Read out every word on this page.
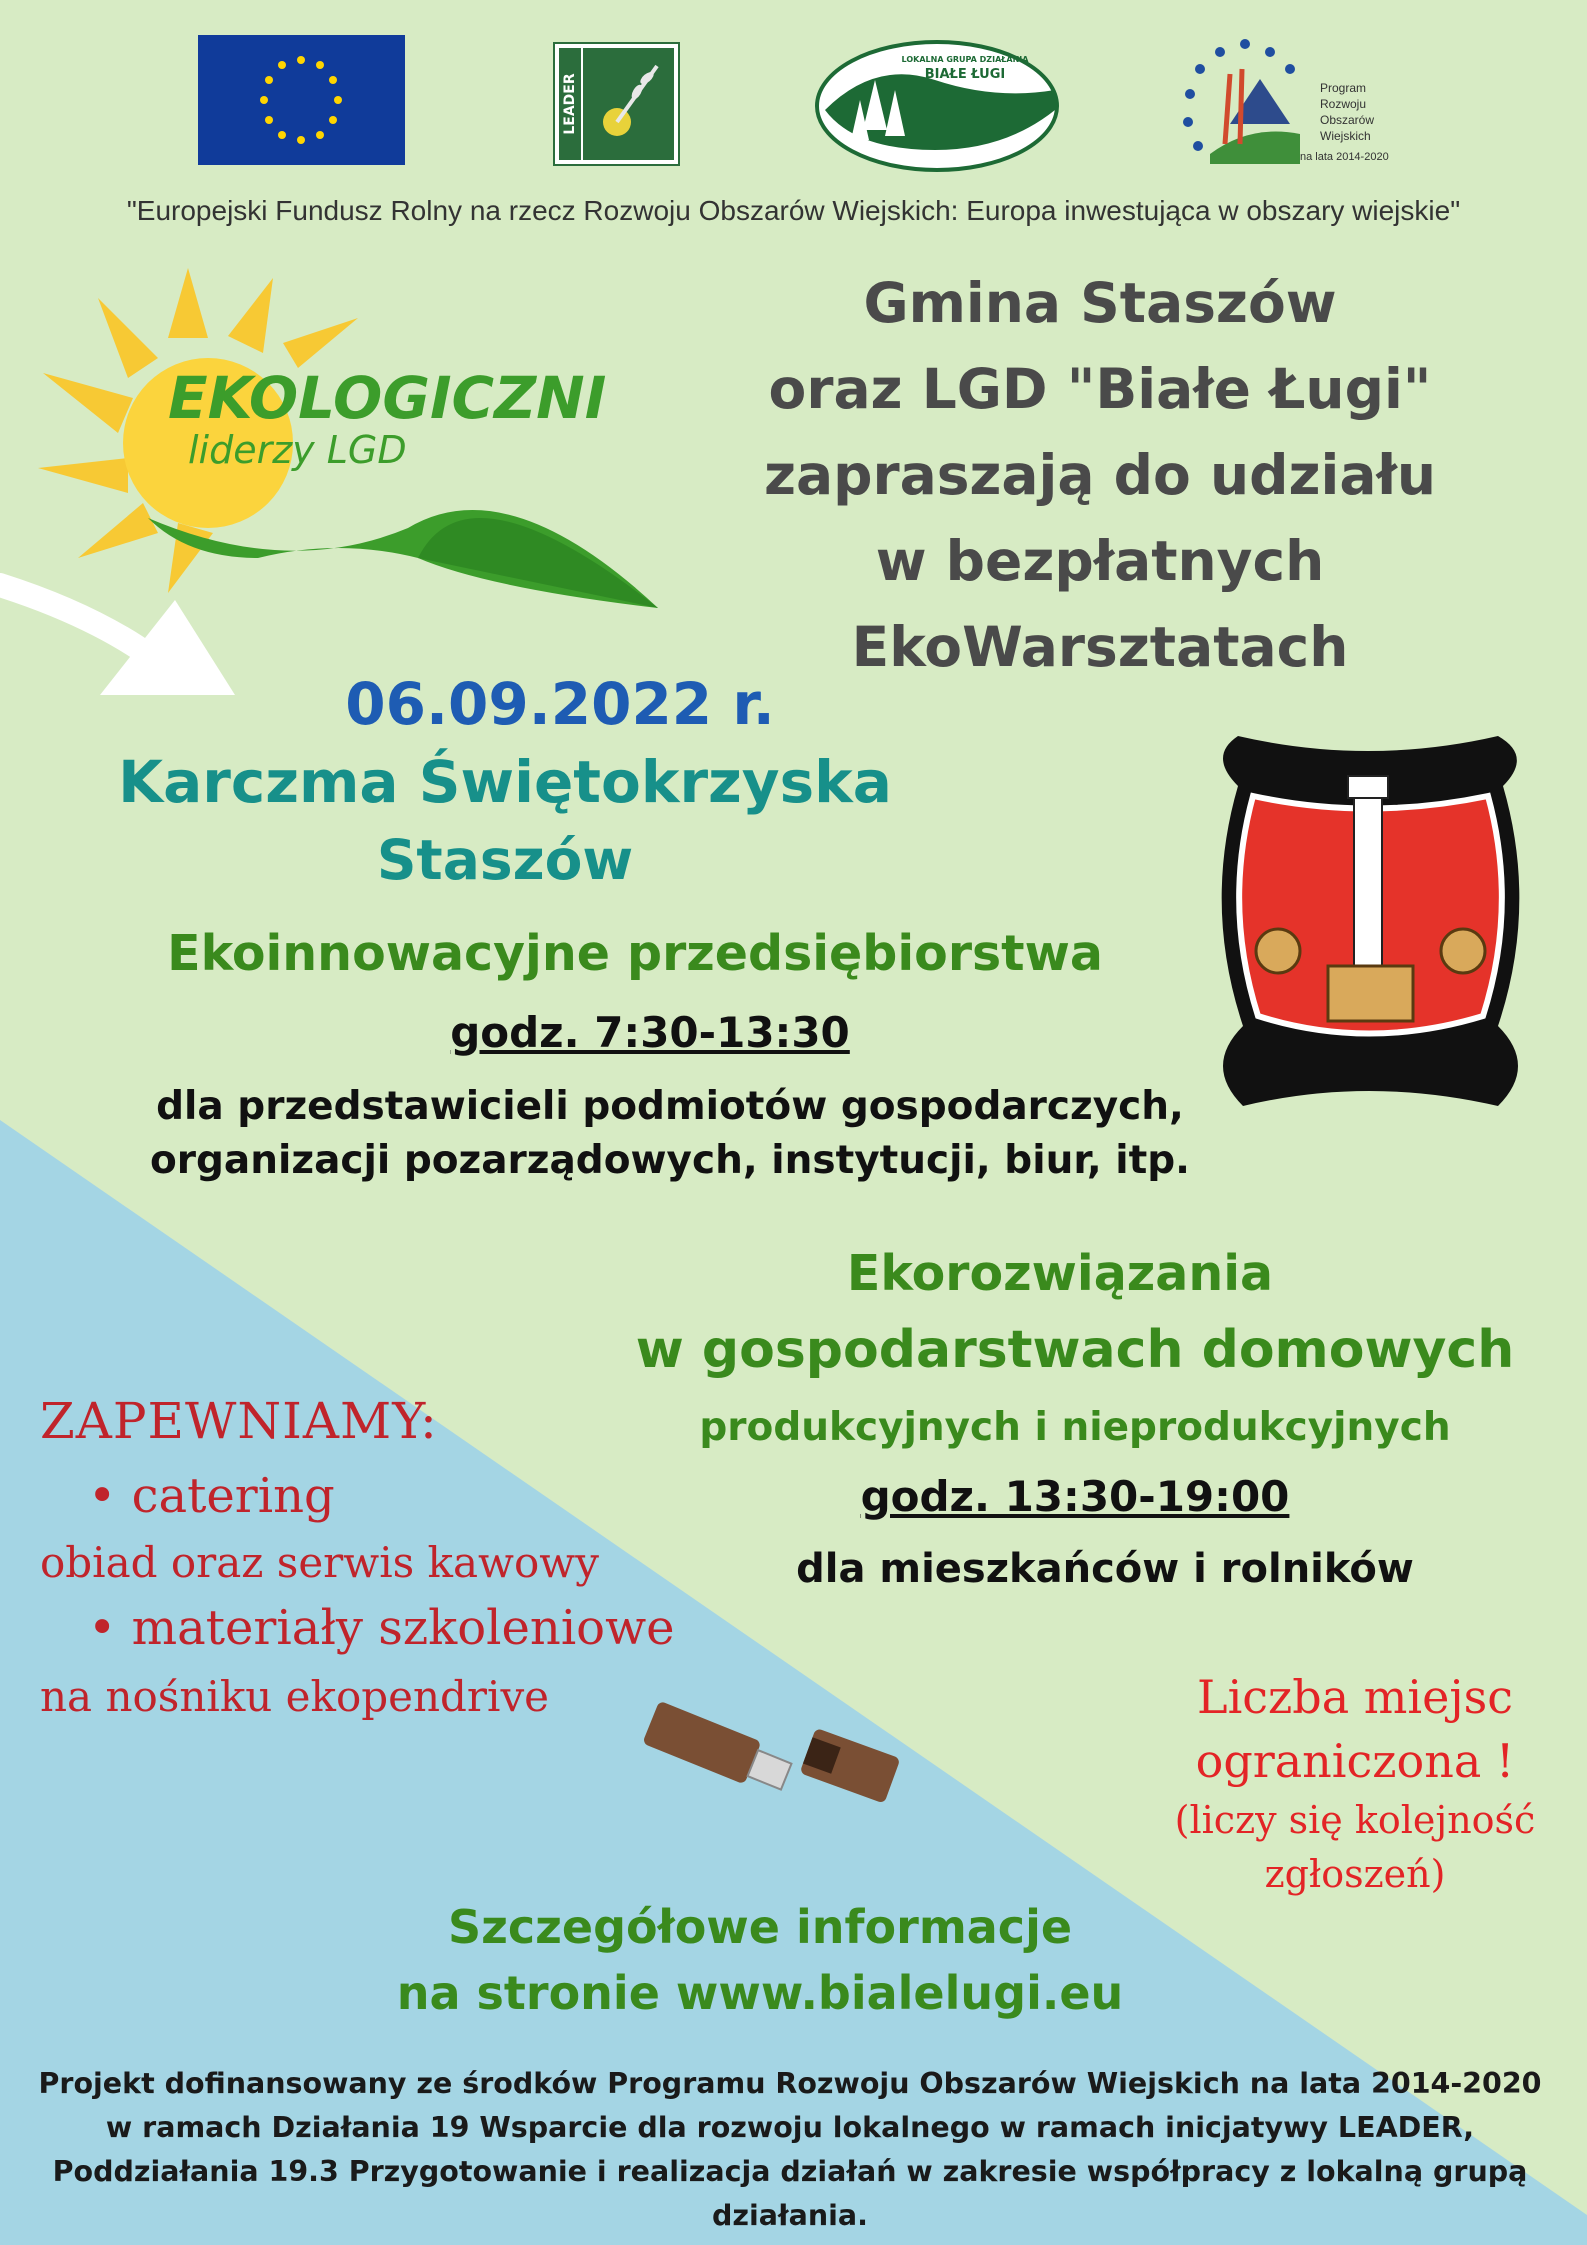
LEADER
LOKALNA GRUPA DZIAŁANIA
BIAŁE ŁUGI
Program
Rozwoju
Obszarów
Wiejskich
na lata 2014-2020
"Europejski Fundusz Rolny na rzecz Rozwoju Obszarów Wiejskich: Europa inwestująca w obszary wiejskie"
EKOLOGICZNI
liderzy LGD
Gmina Staszów
oraz LGD "Białe Ługi"
zapraszają do udziału
w bezpłatnych
EkoWarsztatach
06.09.2022 r.
Karczma Świętokrzyska
Staszów
Ekoinnowacyjne przedsiębiorstwa
godz. 7:30-13:30
dla przedstawicieli podmiotów gospodarczych,
organizacji pozarządowych, instytucji, biur, itp.
Ekorozwiązania
w gospodarstwach domowych
produkcyjnych i nieprodukcyjnych
godz. 13:30-19:00
dla mieszkańców i rolników
ZAPEWNIAMY:
• catering
obiad oraz serwis kawowy
• materiały szkoleniowe
na nośniku ekopendrive	Liczba miejsc
ograniczona !
(liczy się kolejność
zgłoszeń)
Szczegółowe informacje
na stronie www.bialelugi.eu
Projekt dofinansowany ze środków Programu Rozwoju Obszarów Wiejskich na lata 2014-2020
w ramach Działania 19 Wsparcie dla rozwoju lokalnego w ramach inicjatywy LEADER,
Poddziałania 19.3 Przygotowanie i realizacja działań w zakresie współpracy z lokalną grupą
działania.
